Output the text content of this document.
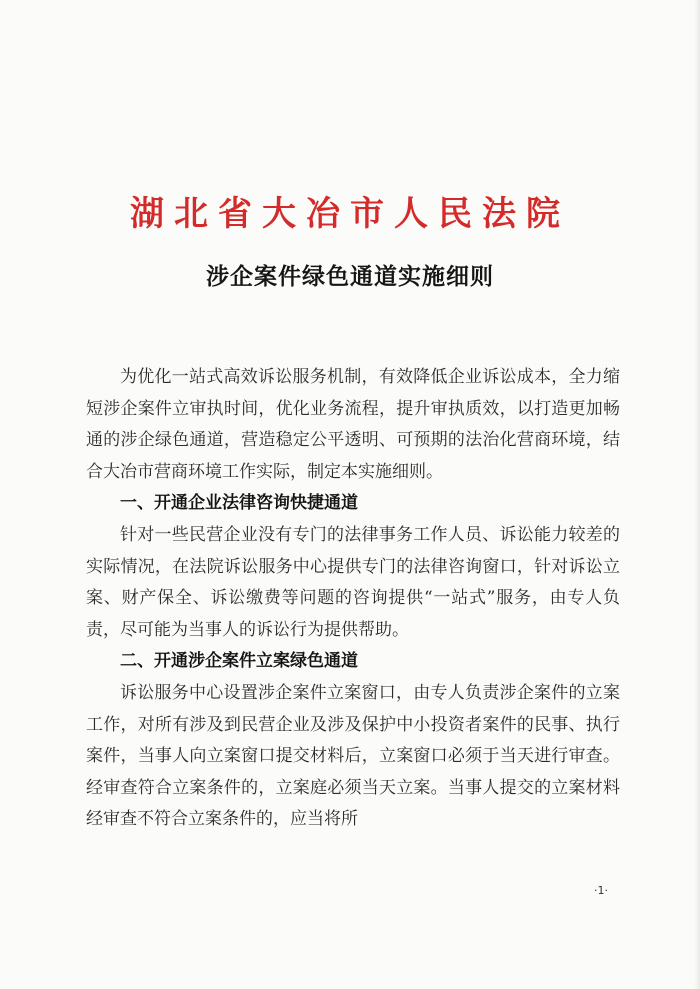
湖北省大冶市人民法院
涉企案件绿色通道实施细则

为优化一站式高效诉讼服务机制，有效降低企业诉讼成本，全力缩短涉企案件立审执时间，优化业务流程，提升审执质效，以打造更加畅通的涉企绿色通道，营造稳定公平透明、可预期的法治化营商环境，结合大冶市营商环境工作实际，制定本实施细则。

一、开通企业法律咨询快捷通道

针对一些民营企业没有专门的法律事务工作人员、诉讼能力较差的实际情况，在法院诉讼服务中心提供专门的法律咨询窗口，针对诉讼立案、财产保全、诉讼缴费等问题的咨询提供“一站式”服务，由专人负责，尽可能为当事人的诉讼行为提供帮助。

二、开通涉企案件立案绿色通道

诉讼服务中心设置涉企案件立案窗口，由专人负责涉企案件的立案工作，对所有涉及到民营企业及涉及保护中小投资者案件的民事、执行案件，当事人向立案窗口提交材料后，立案窗口必须于当天进行审查。经审查符合立案条件的，立案庭必须当天立案。当事人提交的立案材料经审查不符合立案条件的，应当将所

·1·
